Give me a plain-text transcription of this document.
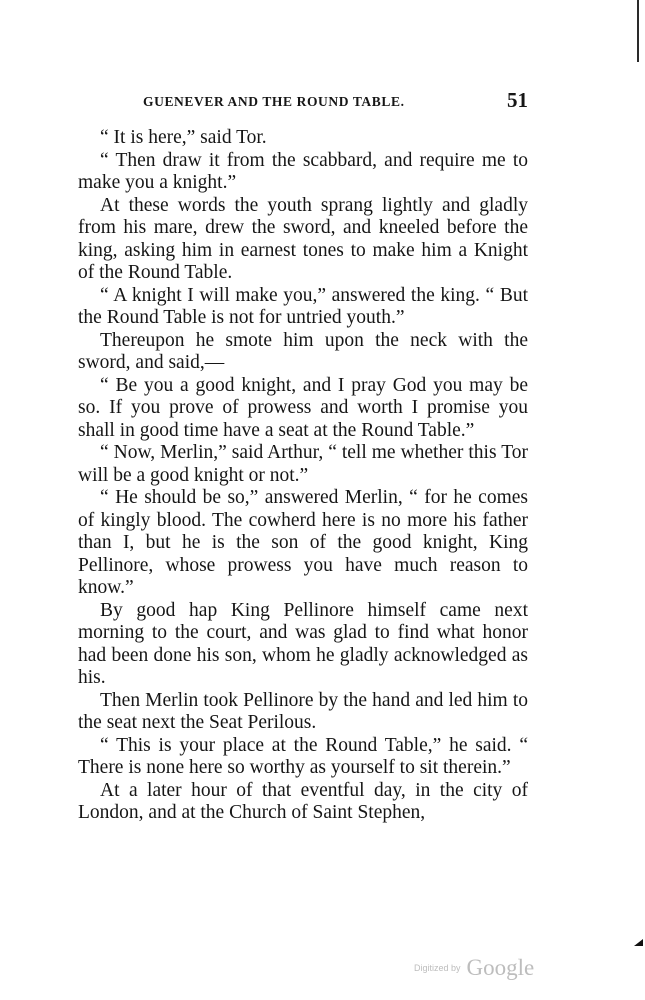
GUENEVER AND THE ROUND TABLE.	51

“ It is here,” said Tor.

“ Then draw it from the scabbard, and require me to make you a knight.”

At these words the youth sprang lightly and gladly from his mare, drew the sword, and kneeled before the king, asking him in earnest tones to make him a Knight of the Round Table.

“ A knight I will make you,” answered the king. “ But the Round Table is not for untried youth.”

Thereupon he smote him upon the neck with the sword, and said,—

“ Be you a good knight, and I pray God you may be so. If you prove of prowess and worth I promise you shall in good time have a seat at the Round Table.”

“ Now, Merlin,” said Arthur, “ tell me whether this Tor will be a good knight or not.”

“ He should be so,” answered Merlin, “ for he comes of kingly blood. The cowherd here is no more his father than I, but he is the son of the good knight, King Pellinore, whose prowess you have much reason to know.”

By good hap King Pellinore himself came next morning to the court, and was glad to find what honor had been done his son, whom he gladly acknowledged as his.

Then Merlin took Pellinore by the hand and led him to the seat next the Seat Perilous.

“ This is your place at the Round Table,” he said. “ There is none here so worthy as yourself to sit therein.”

At a later hour of that eventful day, in the city of London, and at the Church of Saint Stephen,

Digitized by Google
